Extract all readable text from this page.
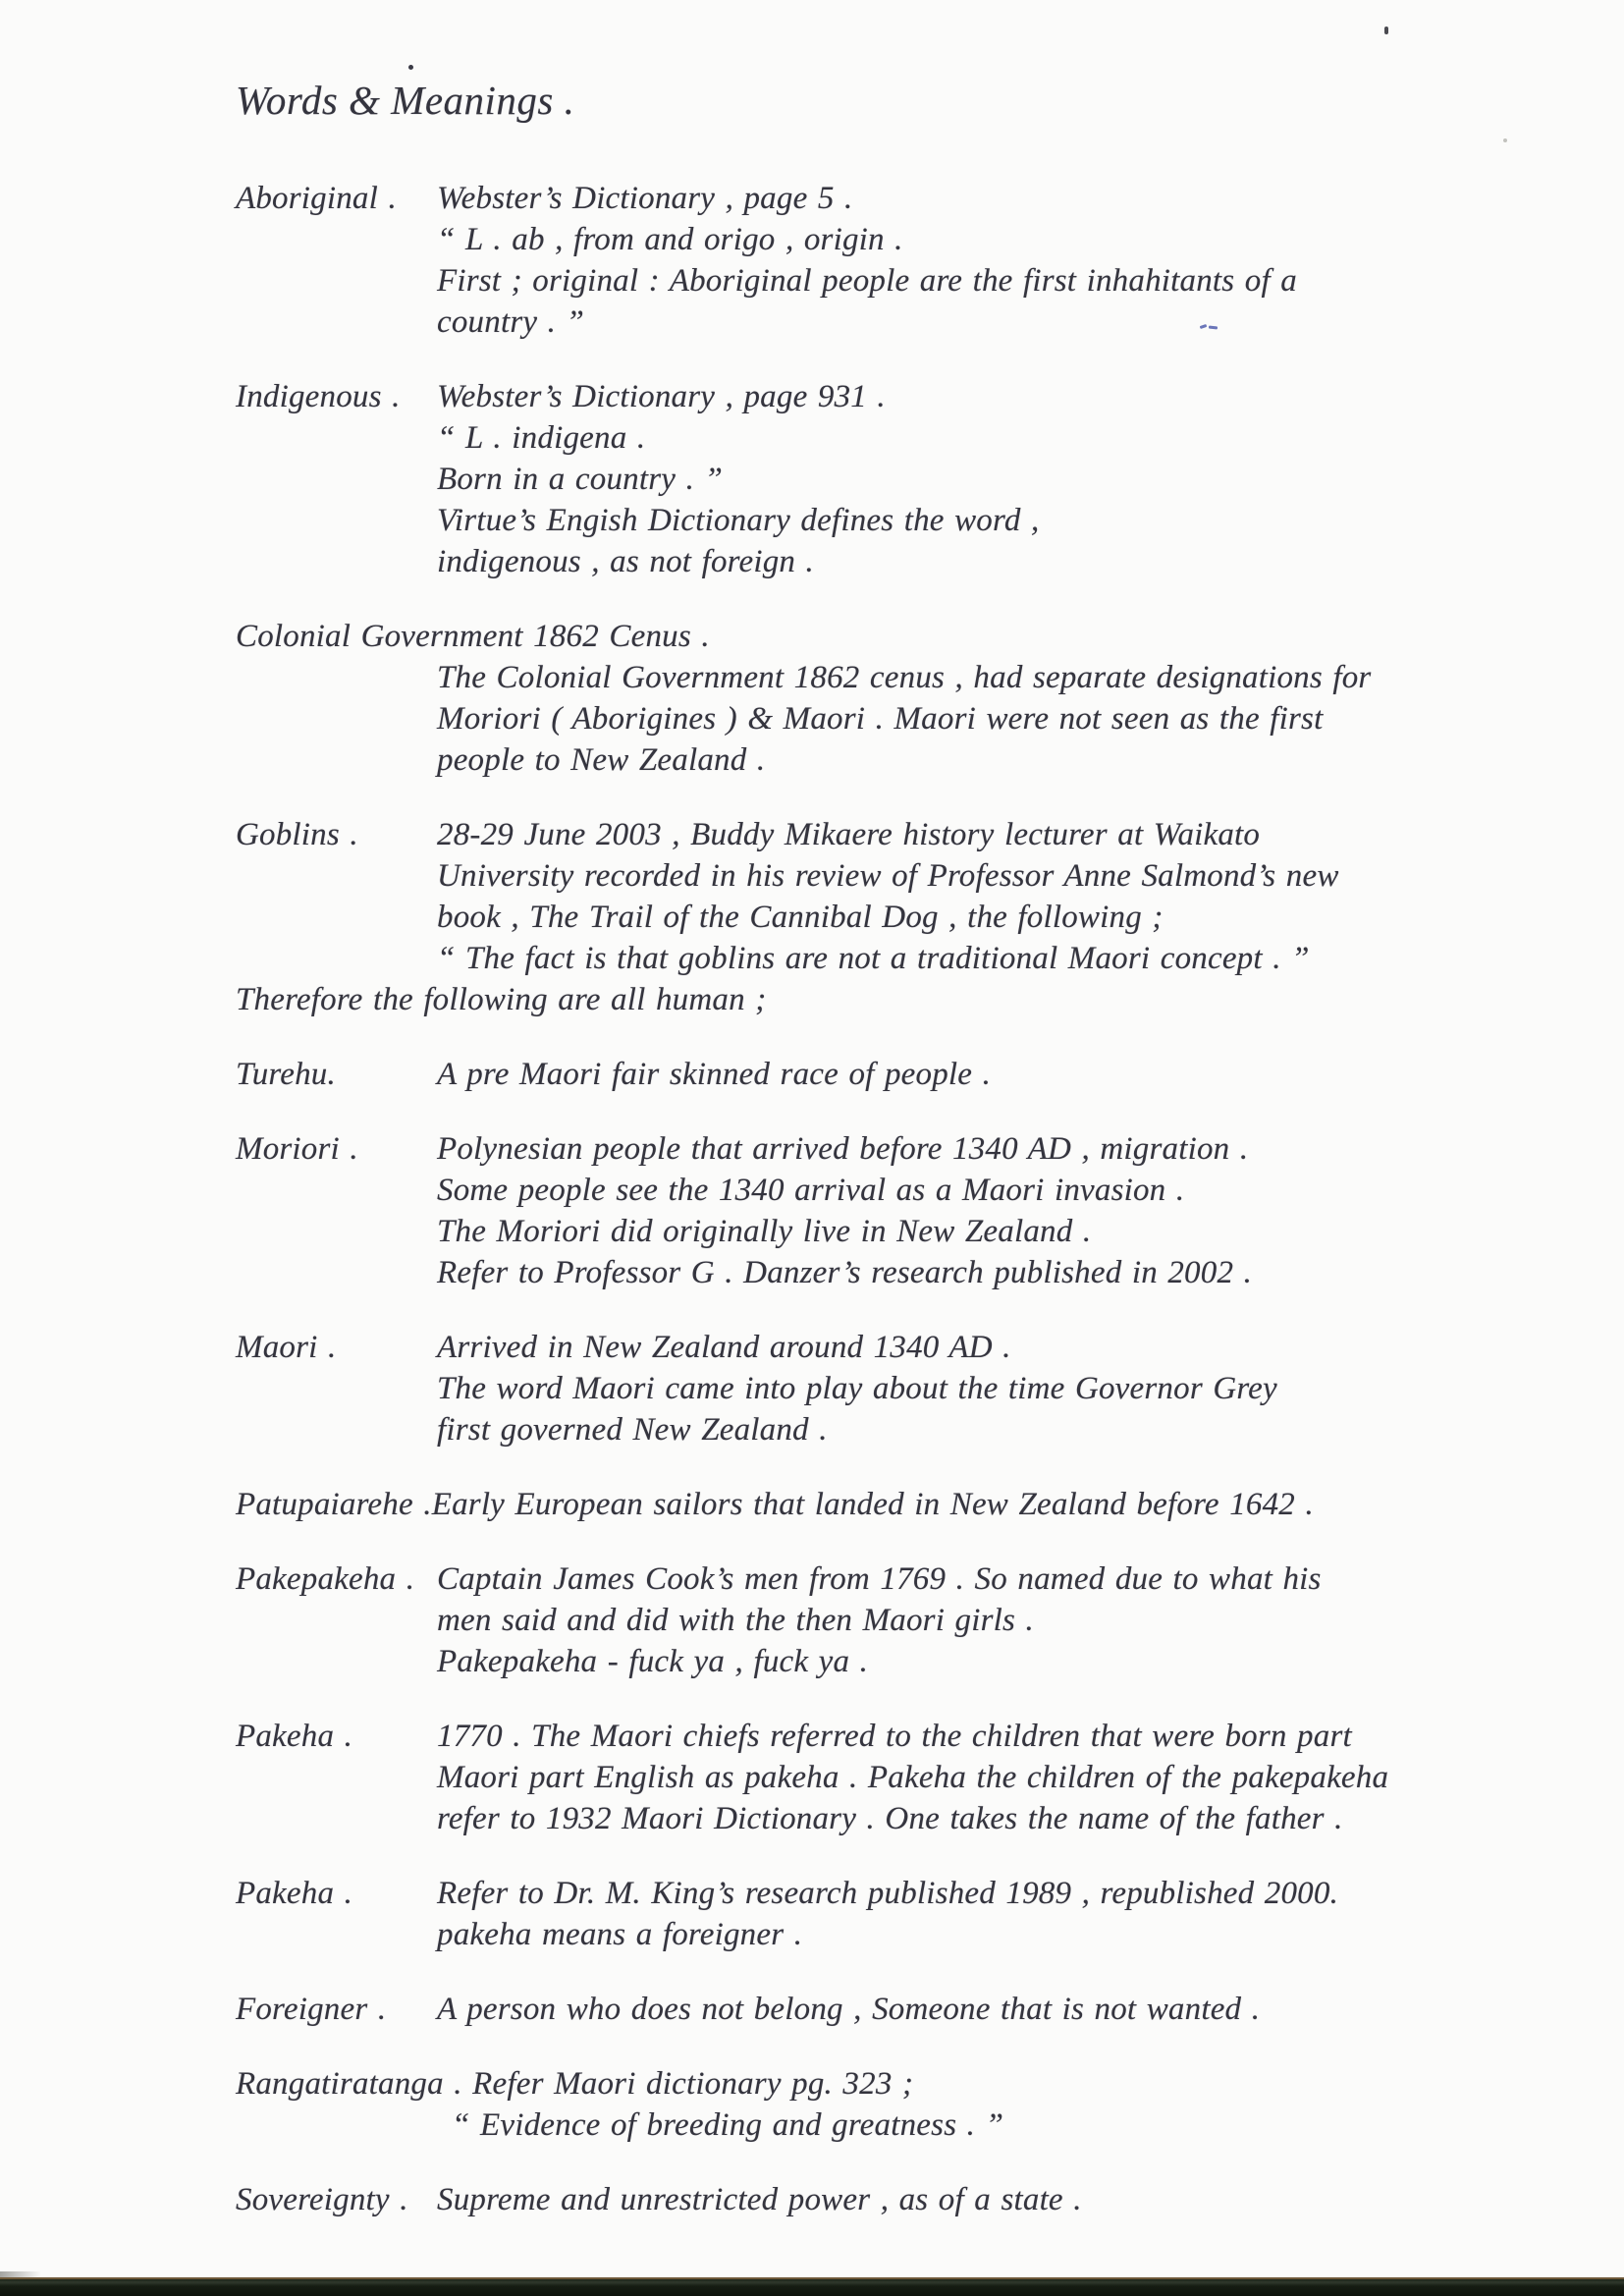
Words & Meanings .
Aboriginal .	Webster’s Dictionary , page 5 .
“ L . ab , from and origo , origin .
First ; original : Aboriginal people are the first inhahitants of a
country . ”
Indigenous .	Webster’s Dictionary , page 931 .
“ L . indigena .
Born in a country . ”
Virtue’s Engish Dictionary defines the word ,
indigenous , as not foreign .
Colonial Government 1862 Cenus .
The Colonial Government 1862 cenus , had separate designations for
Moriori ( Aborigines ) & Maori . Maori were not seen as the first
people to New Zealand .
Goblins .	28-29 June 2003 , Buddy Mikaere history lecturer at Waikato
University recorded in his review of Professor Anne Salmond’s new
book , The Trail of the Cannibal Dog , the following ;
“ The fact is that goblins are not a traditional Maori concept . ”
Therefore the following are all human ;
Turehu.	A pre Maori fair skinned race of people .
Moriori .	Polynesian people that arrived before 1340 AD , migration .
Some people see the 1340 arrival as a Maori invasion .
The Moriori did originally live in New Zealand .
Refer to Professor G . Danzer’s research published in 2002 .
Maori .	Arrived in New Zealand around 1340 AD .
The word Maori came into play about the time Governor Grey
first governed New Zealand .
Patupaiarehe .Early European sailors that landed in New Zealand before 1642 .
Pakepakeha . Captain James Cook’s men from 1769 . So named due to what his
men said and did with the then Maori girls .
Pakepakeha - fuck ya , fuck ya .
Pakeha .	1770 . The Maori chiefs referred to the children that were born part
Maori part English as pakeha . Pakeha the children of the pakepakeha
refer to 1932 Maori Dictionary . One takes the name of the father .
Pakeha .	Refer to Dr. M. King’s research published 1989 , republished 2000.
pakeha means a foreigner .
Foreigner .	A person who does not belong , Someone that is not wanted .
Rangatiratanga . Refer Maori dictionary pg. 323 ;
“ Evidence of breeding and greatness . ”
Sovereignty . Supreme and unrestricted power , as of a state .
